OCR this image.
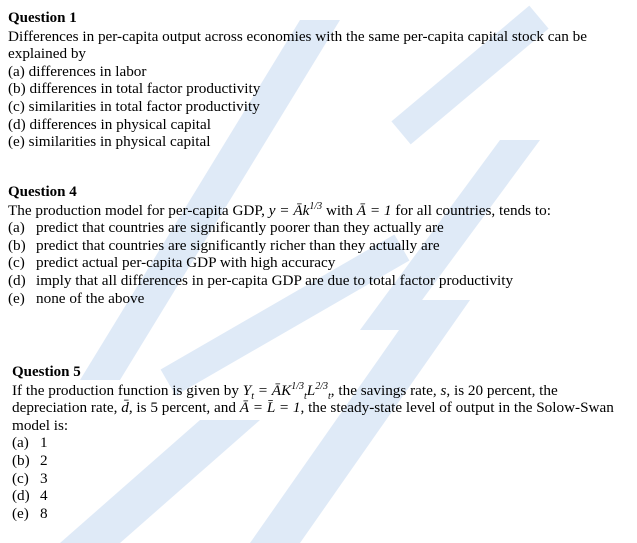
Question 1
Differences in per-capita output across economies with the same per-capita capital stock can be explained by
(a) differences in labor
(b) differences in total factor productivity
(c) similarities in total factor productivity
(d) differences in physical capital
(e) similarities in physical capital
Question 4
The production model for per-capita GDP, $y = Āk^{1/3}$ with Ā = 1 for all countries, tends to:
(a) predict that countries are significantly poorer than they actually are
(b) predict that countries are significantly richer than they actually are
(c) predict actual per-capita GDP with high accuracy
(d) imply that all differences in per-capita GDP are due to total factor productivity
(e) none of the above
Question 5
If the production function is given by $Y_t$ = $ĀK^{1/3}_tL^{2/3}_t$, the savings rate, s, is 20 percent, the depreciation rate, d̄, is 5 percent, and Ā = L̄ = 1, the steady-state level of output in the Solow-Swan model is:
(a) 1
(b) 2
(c) 3
(d) 4
(e) 8
